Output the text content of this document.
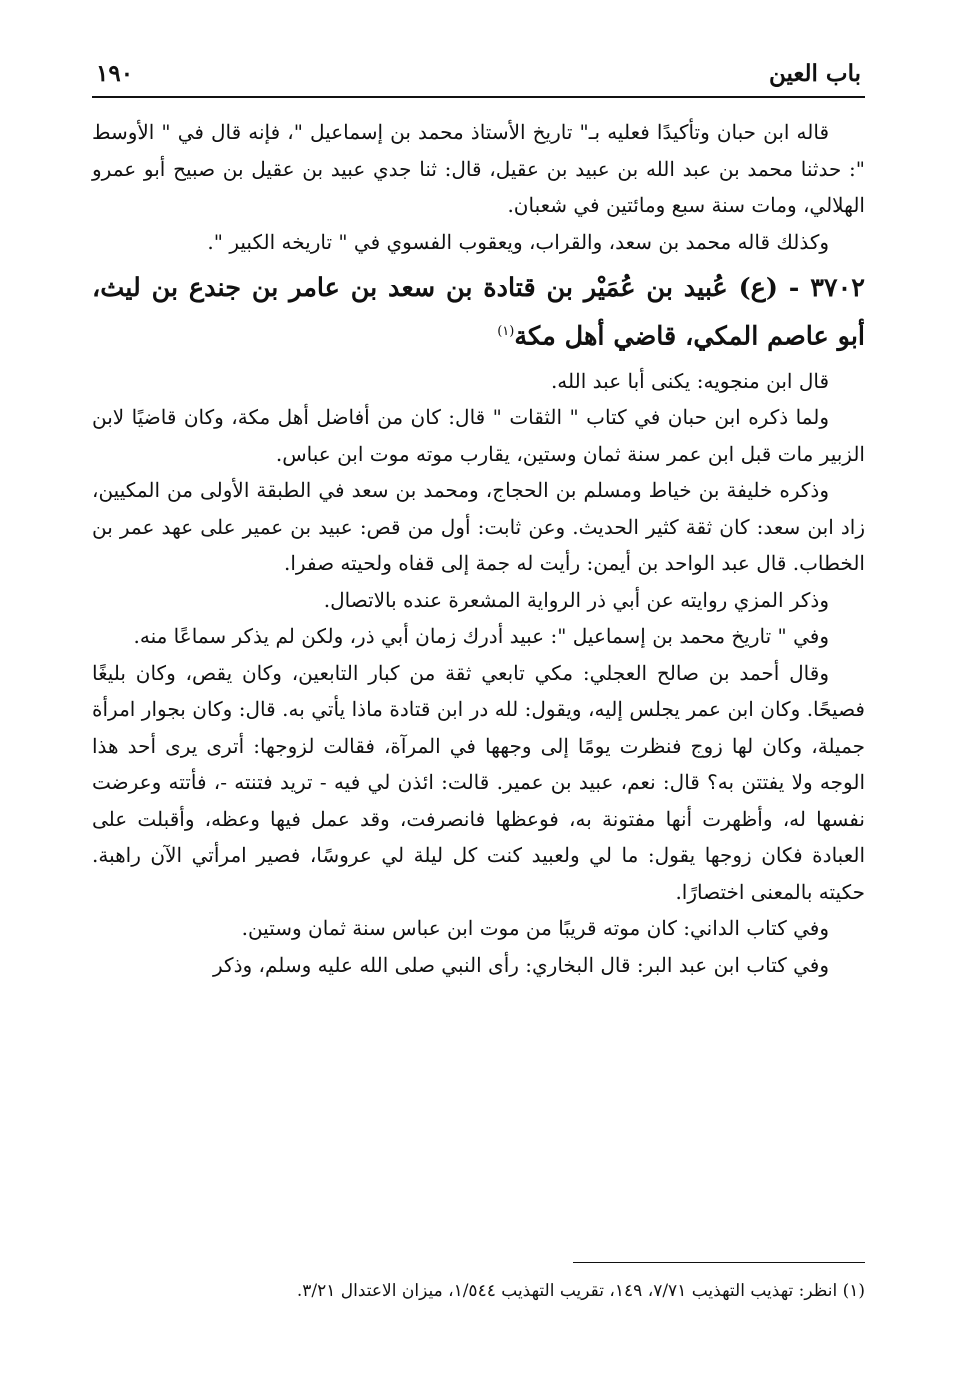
باب العين
١٩٠

قاله ابن حبان وتأكيدًا فعليه بـ" تاريخ الأستاذ محمد بن إسماعيل "، فإنه قال في " الأوسط ": حدثنا محمد بن عبد الله بن عبيد بن عقيل، قال: ثنا جدي عبيد بن عقيل بن صبيح أبو عمرو الهلالي، ومات سنة سبع ومائتين في شعبان.

وكذلك قاله محمد بن سعد، والقراب، ويعقوب الفسوي في " تاريخه الكبير ".

٣٧٠٢ - (ع) عُبيد بن عُمَيْر بن قتادة بن سعد بن عامر بن جندع بن ليث، أبو عاصم المكي، قاضي أهل مكة$^{(١)}$

قال ابن منجويه: يكنى أبا عبد الله.

ولما ذكره ابن حبان في كتاب " الثقات " قال: كان من أفاضل أهل مكة، وكان قاضيًا لابن الزبير مات قبل ابن عمر سنة ثمان وستين، يقارب موته موت ابن عباس.

وذكره خليفة بن خياط ومسلم بن الحجاج، ومحمد بن سعد في الطبقة الأولى من المكيين، زاد ابن سعد: كان ثقة كثير الحديث. وعن ثابت: أول من قص: عبيد بن عمير على عهد عمر بن الخطاب. قال عبد الواحد بن أيمن: رأيت له جمة إلى قفاه ولحيته صفرا.

وذكر المزي روايته عن أبي ذر الرواية المشعرة عنده بالاتصال.

وفي " تاريخ محمد بن إسماعيل ": عبيد أدرك زمان أبي ذر، ولكن لم يذكر سماعًا منه.

وقال أحمد بن صالح العجلي: مكي تابعي ثقة من كبار التابعين، وكان يقص، وكان بليغًا فصيحًا. وكان ابن عمر يجلس إليه، ويقول: لله در ابن قتادة ماذا يأتي به. قال: وكان بجوار امرأة جميلة، وكان لها زوج فنظرت يومًا إلى وجهها في المرآة، فقالت لزوجها: أترى يرى أحد هذا الوجه ولا يفتتن به؟ قال: نعم، عبيد بن عمير. قالت: ائذن لي فيه - تريد فتنته -، فأتته وعرضت نفسها له، وأظهرت أنها مفتونة به، فوعظها فانصرفت، وقد عمل فيها وعظه، وأقبلت على العبادة فكان زوجها يقول: ما لي ولعبيد كنت كل ليلة لي عروسًا، فصير امرأتي الآن راهبة. حكيته بالمعنى اختصارًا.

وفي كتاب الداني: كان موته قريبًا من موت ابن عباس سنة ثمان وستين.

وفي كتاب ابن عبد البر: قال البخاري: رأى النبي صلى الله عليه وسلم، وذكر

(١) انظر: تهذيب التهذيب ٧/٧١، ١٤٩، تقريب التهذيب ١/٥٤٤، ميزان الاعتدال ٣/٢١.
